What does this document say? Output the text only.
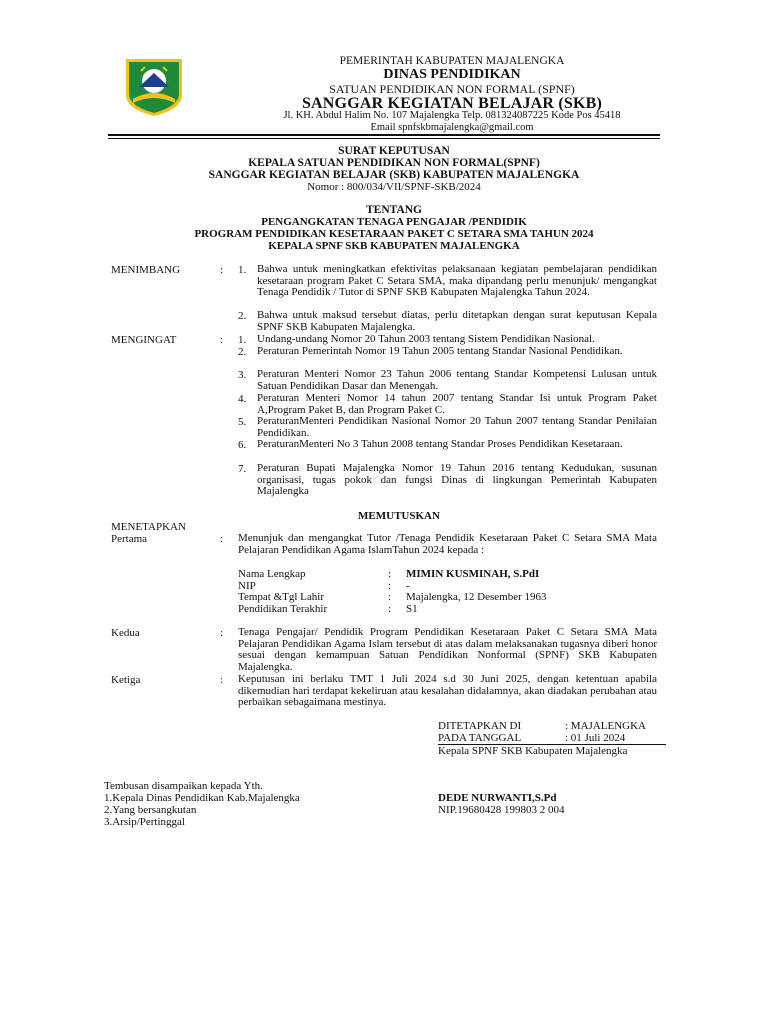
PEMERINTAH KABUPATEN MAJALENGKA
DINAS PENDIDIKAN
SATUAN PENDIDIKAN NON FORMAL (SPNF)
SANGGAR KEGIATAN BELAJAR (SKB)
Jl. KH. Abdul Halim No. 107 Majalengka Telp. 081324087225 Kode Pos 45418
Email spnfskbmajalengka@gmail.com
SURAT KEPUTUSAN
KEPALA SATUAN PENDIDIKAN NON FORMAL(SPNF)
SANGGAR KEGIATAN BELAJAR (SKB) KABUPATEN MAJALENGKA
Nomor : 800/034/VII/SPNF-SKB/2024
TENTANG
PENGANGKATAN TENAGA PENGAJAR /PENDIDIK
PROGRAM PENDIDIKAN KESETARAAN PAKET C SETARA SMA TAHUN 2024
KEPALA SPNF SKB KABUPATEN MAJALENGKA
MENIMBANG	: 1. Bahwa untuk meningkatkan efektivitas pelaksanaan kegiatan pembelajaran pendidikan kesetaraan program Paket C Setara SMA, maka dipandang perlu menunjuk/ mengangkat Tenaga Pendidik / Tutor di SPNF SKB Kabupaten Majalengka Tahun 2024.
2. Bahwa untuk maksud tersebut diatas, perlu ditetapkan dengan surat keputusan Kepala SPNF SKB Kabupaten Majalengka.
MENGINGAT	: 1. Undang-undang Nomor 20 Tahun 2003 tentang Sistem Pendidikan Nasional.
2. Peraturan Pemerintah Nomor 19 Tahun 2005 tentang Standar Nasional Pendidikan.
3. Peraturan Menteri Nomor 23 Tahun 2006 tentang Standar Kompetensi Lulusan untuk Satuan Pendidikan Dasar dan Menengah.
4. Peraturan Menteri Nomor 14 tahun 2007 tentang Standar Isi untuk Program Paket A,Program Paket B, dan Program Paket C.
5. PeraturanMenteri Pendidikan Nasional Nomor 20 Tahun 2007 tentang Standar Penilaian Pendidikan.
6. PeraturanMenteri No 3 Tahun 2008 tentang Standar Proses Pendidikan Kesetaraan.
7. Peraturan Bupati Majalengka Nomor 19 Tahun 2016 tentang Kedudukan, susunan organisasi, tugas pokok dan fungsi Dinas di lingkungan Pemerintah Kabupaten Majalengka
MEMUTUSKAN
MENETAPKAN
Pertama	: Menunjuk dan mengangkat Tutor /Tenaga Pendidik Kesetaraan Paket C Setara SMA Mata Pelajaran Pendidikan Agama IslamTahun 2024 kepada :
Nama Lengkap	: MIMIN KUSMINAH, S.PdI
NIP	: -
Tempat &Tgl Lahir	: Majalengka, 12 Desember 1963
Pendidikan Terakhir	: S1
Kedua	: Tenaga Pengajar/ Pendidik Program Pendidikan Kesetaraan Paket C Setara SMA Mata Pelajaran Pendidikan Agama Islam tersebut di atas dalam melaksanakan tugasnya diberi honor sesuai dengan kemampuan Satuan Pendidikan Nonformal (SPNF) SKB Kabupaten Majalengka.
Ketiga	: Keputusan ini berlaku TMT 1 Juli 2024 s.d 30 Juni 2025, dengan ketentuan apabila dikemudian hari terdapat kekeliruan atau kesalahan didalamnya, akan diadakan perubahan atau perbaikan sebagaimana mestinya.
DITETAPKAN DI	: MAJALENGKA
PADA TANGGAL	: 01 Juli 2024
Kepala SPNF SKB Kabupaten Majalengka
DEDE NURWANTI,S.Pd
NIP.19680428 199803 2 004
Tembusan disampaikan kepada Yth.
1.Kepala Dinas Pendidikan Kab.Majalengka
2.Yang bersangkutan
3.Arsip/Pertinggal
